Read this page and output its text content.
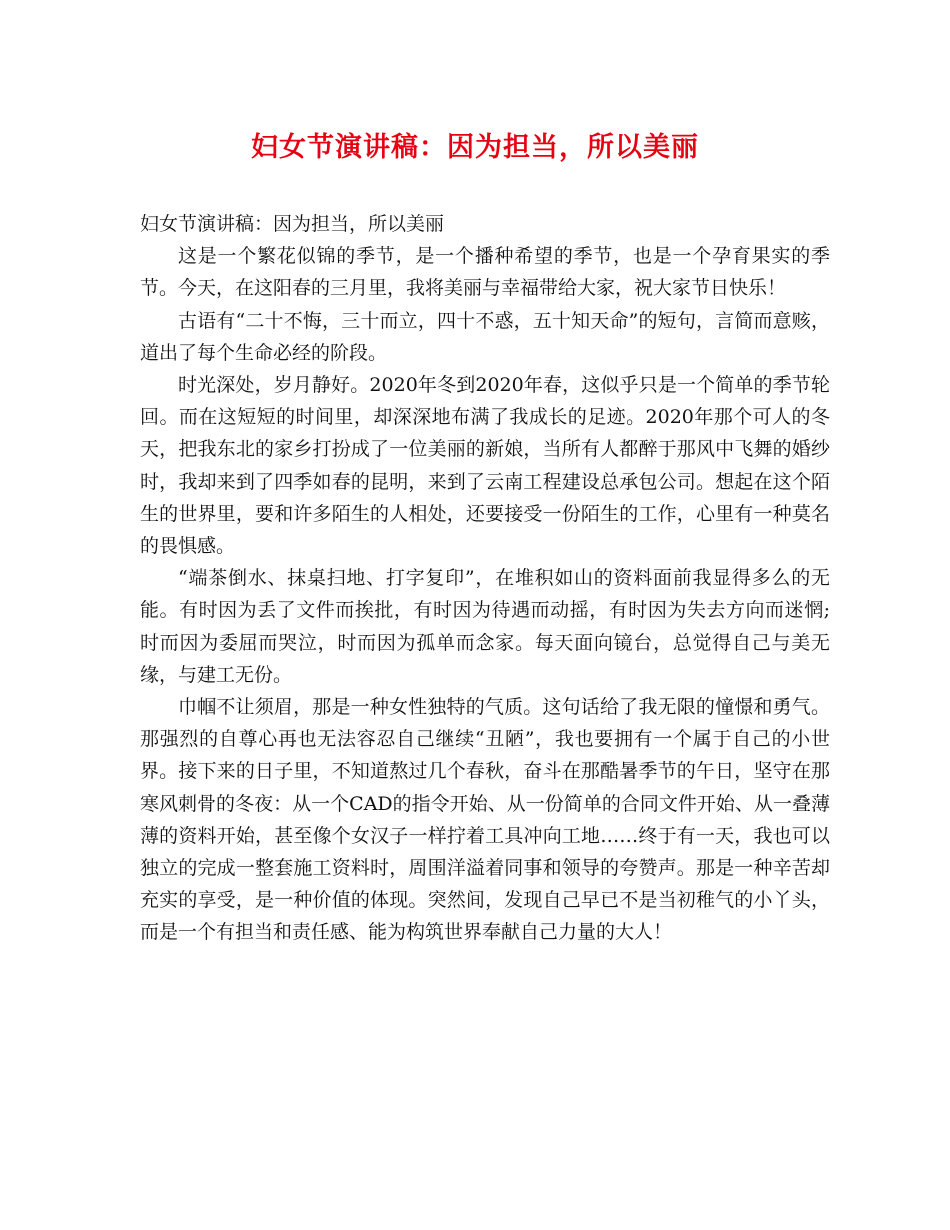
妇女节演讲稿：因为担当，所以美丽

妇女节演讲稿：因为担当，所以美丽

这是一个繁花似锦的季节，是一个播种希望的季节，也是一个孕育果实的季节。今天，在这阳春的三月里，我将美丽与幸福带给大家，祝大家节日快乐！

古语有“二十不悔，三十而立，四十不惑，五十知天命”的短句，言简而意赅，道出了每个生命必经的阶段。

时光深处，岁月静好。2020年冬到2020年春，这似乎只是一个简单的季节轮回。而在这短短的时间里，却深深地布满了我成长的足迹。2020年那个可人的冬天，把我东北的家乡打扮成了一位美丽的新娘，当所有人都醉于那风中飞舞的婚纱时，我却来到了四季如春的昆明，来到了云南工程建设总承包公司。想起在这个陌生的世界里，要和许多陌生的人相处，还要接受一份陌生的工作，心里有一种莫名的畏惧感。

“端茶倒水、抹桌扫地、打字复印”，在堆积如山的资料面前我显得多么的无能。有时因为丢了文件而挨批，有时因为待遇而动摇，有时因为失去方向而迷惘;时而因为委屈而哭泣，时而因为孤单而念家。每天面向镜台，总觉得自己与美无缘，与建工无份。

巾帼不让须眉，那是一种女性独特的气质。这句话给了我无限的憧憬和勇气。那强烈的自尊心再也无法容忍自己继续“丑陋”，我也要拥有一个属于自己的小世界。接下来的日子里，不知道熬过几个春秋，奋斗在那酷暑季节的午日，坚守在那寒风刺骨的冬夜：从一个CAD的指令开始、从一份简单的合同文件开始、从一叠薄薄的资料开始，甚至像个女汉子一样拧着工具冲向工地……终于有一天，我也可以独立的完成一整套施工资料时，周围洋溢着同事和领导的夸赞声。那是一种辛苦却充实的享受，是一种价值的体现。突然间，发现自己早已不是当初稚气的小丫头，而是一个有担当和责任感、能为构筑世界奉献自己力量的大人！
